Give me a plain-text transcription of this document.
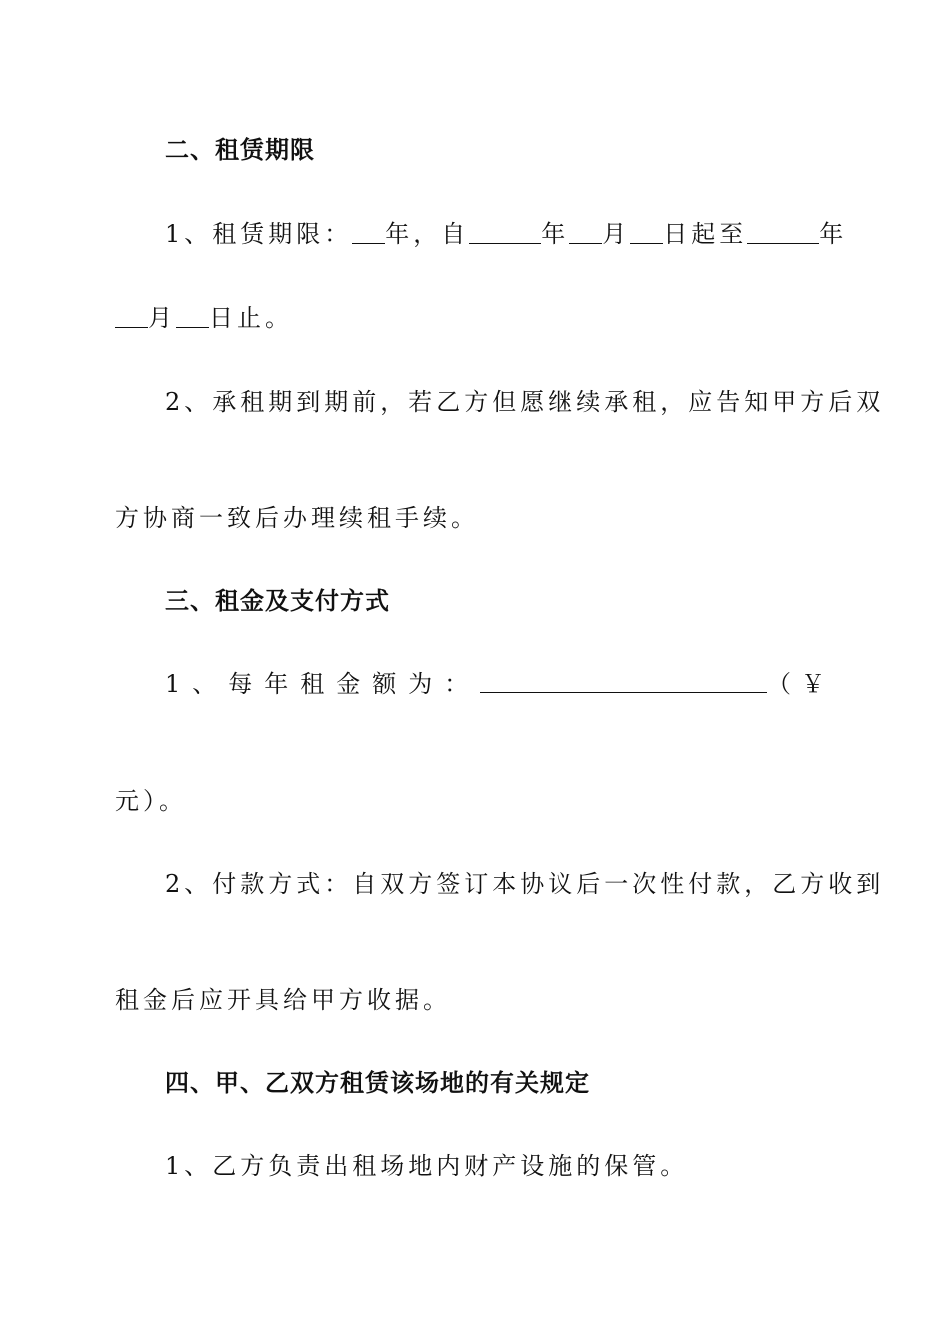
二、租赁期限
1、租赁期限： 年，自	年 月 日起至	年
月 日止。
2、承租期到期前，若乙方但愿继续承租，应告知甲方后双
方协商一致后办理续租手续。
三、租金及支付方式
1、每年租金额为：	（￥
元）。
2、付款方式：自双方签订本协议后一次性付款，乙方收到
租金后应开具给甲方收据。
四、甲、乙双方租赁该场地的有关规定
1、乙方负责出租场地内财产设施的保管。
